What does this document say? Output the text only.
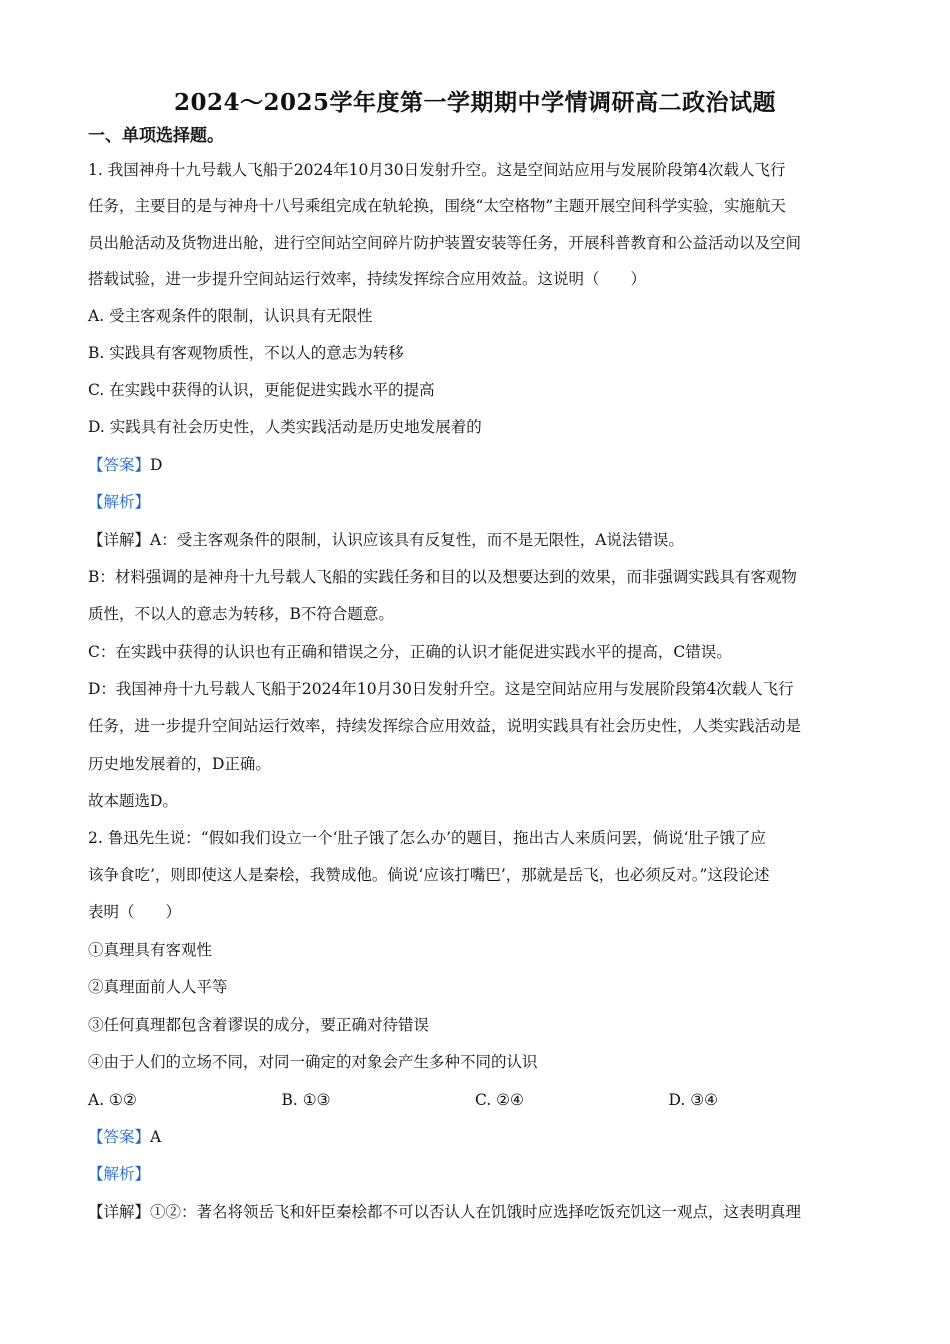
2024～2025学年度第一学期期中学情调研高二政治试题
一、单项选择题。
1. 我国神舟十九号载人飞船于2024年10月30日发射升空。这是空间站应用与发展阶段第4次载人飞行
任务，主要目的是与神舟十八号乘组完成在轨轮换，围绕“太空格物”主题开展空间科学实验，实施航天
员出舱活动及货物进出舱，进行空间站空间碎片防护装置安装等任务，开展科普教育和公益活动以及空间
搭载试验，进一步提升空间站运行效率，持续发挥综合应用效益。这说明（　　）
A. 受主客观条件的限制，认识具有无限性
B. 实践具有客观物质性，不以人的意志为转移
C. 在实践中获得的认识，更能促进实践水平的提高
D. 实践具有社会历史性，人类实践活动是历史地发展着的
【答案】D
【解析】
【详解】A：受主客观条件的限制，认识应该具有反复性，而不是无限性，A说法错误。
B：材料强调的是神舟十九号载人飞船的实践任务和目的以及想要达到的效果，而非强调实践具有客观物
质性，不以人的意志为转移，B不符合题意。
C：在实践中获得的认识也有正确和错误之分，正确的认识才能促进实践水平的提高，C错误。
D：我国神舟十九号载人飞船于2024年10月30日发射升空。这是空间站应用与发展阶段第4次载人飞行
任务，进一步提升空间站运行效率，持续发挥综合应用效益，说明实践具有社会历史性，人类实践活动是
历史地发展着的，D正确。
故本题选D。
2. 鲁迅先生说：“假如我们设立一个‘肚子饿了怎么办’的题目，拖出古人来质问罢，倘说‘肚子饿了应
该争食吃’，则即使这人是秦桧，我赞成他。倘说‘应该打嘴巴’，那就是岳飞，也必须反对。”这段论述
表明（　　）
①真理具有客观性
②真理面前人人平等
③任何真理都包含着谬误的成分，要正确对待错误
④由于人们的立场不同，对同一确定的对象会产生多种不同的认识
A. ①②	B. ①③	C. ②④	D. ③④
【答案】A
【解析】
【详解】①②：著名将领岳飞和奸臣秦桧都不可以否认人在饥饿时应选择吃饭充饥这一观点，这表明真理
